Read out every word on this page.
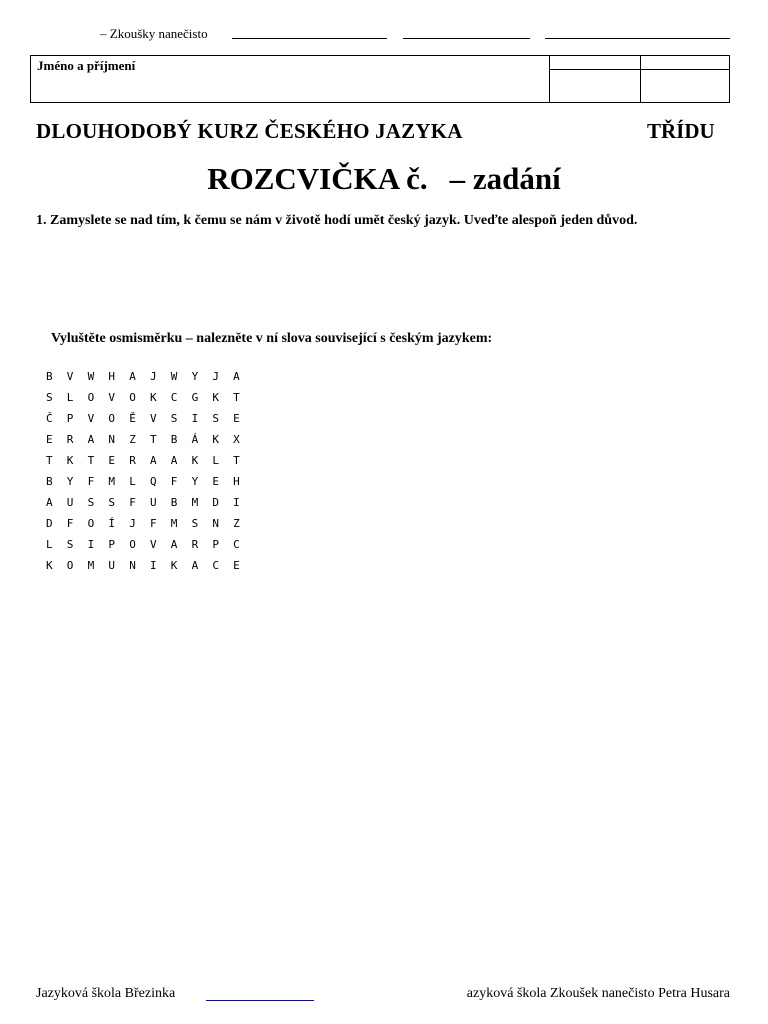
– Zkoušky nanečisto
Jméno a příjmení
DLOUHODOBÝ KURZ ČESKÉHO JAZYKA	TŘÍDU
ROZCVIČKA č. – zadání
1. Zamyslete se nad tím, k čemu se nám v životě hodí umět český jazyk. Uveďte alespoň jeden důvod.
Vyluštěte osmisměrku – nalezněte v ní slova související s českým jazykem:
B	V	W	H	A	J	W	Y	J	A
S	L	O	V	O	K	C	G	K	T
Č	P	V	O	Ě	V	S	I	S	E
E	R	A	N	Z	T	B	Á	K	X
T	K	T	E	R	A	A	K	L	T
B	Y	F	M	L	Q	F	Y	E	H
A	U	S	S	F	U	B	M	D	I
D	F	O	Í	J	F	M	S	N	Z
L	S	I	P	O	V	A	R	P	C
K	O	M	U	N	I	K	A	C	E
Jazyková škola Březinka	azyková škola Zkoušek nanečisto Petra Husara
